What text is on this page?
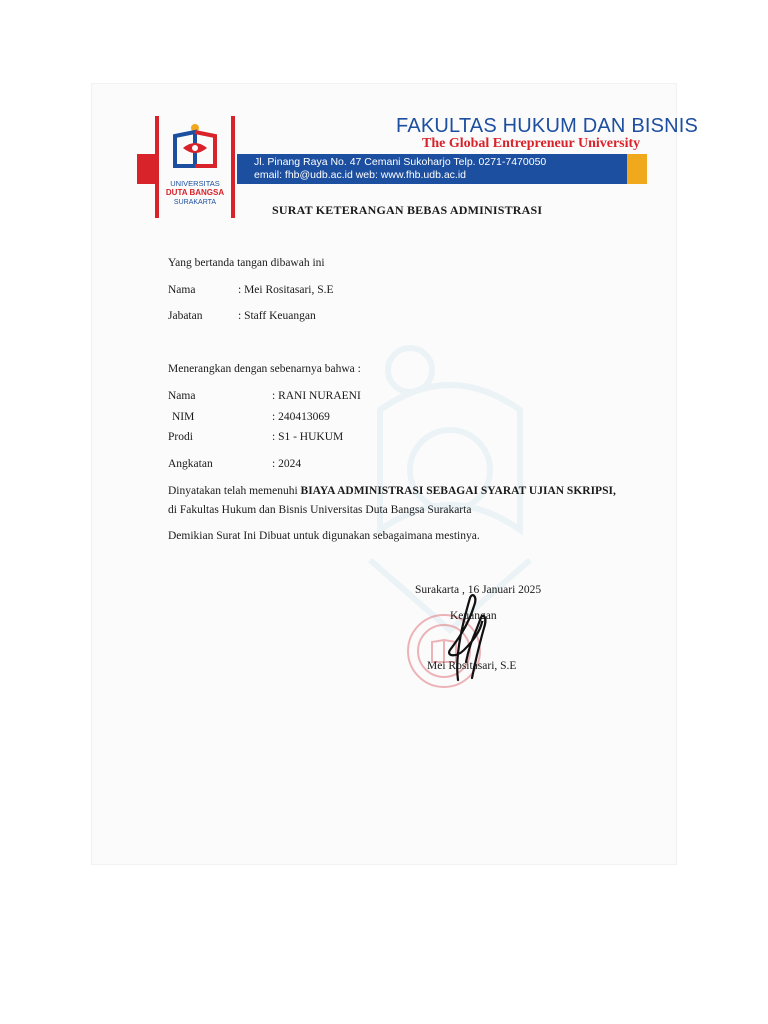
UNIVERSITAS
DUTA BANGSA
SURAKARTA
FAKULTAS HUKUM DAN BISNIS
The Global Entrepreneur University
Jl. Pinang Raya No. 47 Cemani Sukoharjo Telp. 0271-7470050
email: fhb@udb.ac.id web: www.fhb.udb.ac.id
SURAT KETERANGAN BEBAS ADMINISTRASI
Yang bertanda tangan dibawah ini
Nama	: Mei Rositasari, S.E
Jabatan	: Staff Keuangan
Menerangkan dengan sebenarnya bahwa :
Nama	: RANI NURAENI
NIM	: 240413069
Prodi	: S1 - HUKUM
Angkatan	: 2024
Dinyatakan telah memenuhi BIAYA ADMINISTRASI SEBAGAI SYARAT UJIAN SKRIPSI,
di Fakultas Hukum dan Bisnis Universitas Duta Bangsa Surakarta
Demikian Surat Ini Dibuat untuk digunakan sebagaimana mestinya.
Surakarta , 16 Januari 2025
Keuangan
Mei Rositasari, S.E
